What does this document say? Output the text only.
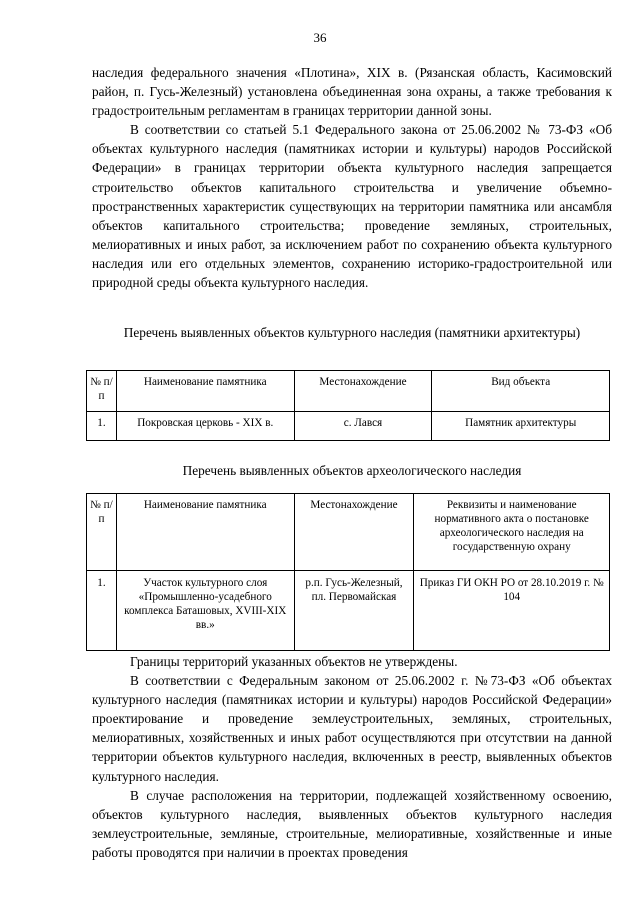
36

наследия федерального значения «Плотина», XIX в. (Рязанская область, Касимовский район, п. Гусь-Железный) установлена объединенная зона охраны, а также требования к градостроительным регламентам в границах территории данной зоны.

В соответствии со статьей 5.1 Федерального закона от 25.06.2002 № 73-ФЗ «Об объектах культурного наследия (памятниках истории и культуры) народов Российской Федерации» в границах территории объекта культурного наследия запрещается строительство объектов капитального строительства и увеличение объемно-пространственных характеристик существующих на территории памятника или ансамбля объектов капитального строительства; проведение земляных, строительных, мелиоративных и иных работ, за исключением работ по сохранению объекта культурного наследия или его отдельных элементов, сохранению историко-градостроительной или природной среды объекта культурного наследия.

Перечень выявленных объектов культурного наследия (памятники архитектуры)
№ п/п	Наименование памятника	Местонахождение	Вид объекта
1.	Покровская церковь - XIX в.	с. Лався	Памятник архитектуры
Перечень выявленных объектов археологического наследия
№ п/п	Наименование памятника	Местонахождение	Реквизиты и наименование нормативного акта о постановке археологического наследия на государственную охрану
1.	Участок культурного слоя «Промышленно-усадебного комплекса Баташовых, XVIII-XIX вв.»	р.п. Гусь-Железный, пл. Первомайская	Приказ ГИ ОКН РО от 28.10.2019 г. № 104

Границы территорий указанных объектов не утверждены.

В соответствии с Федеральным законом от 25.06.2002 г. №73-ФЗ «Об объектах культурного наследия (памятниках истории и культуры) народов Российской Федерации» проектирование и проведение землеустроительных, земляных, строительных, мелиоративных, хозяйственных и иных работ осуществляются при отсутствии на данной территории объектов культурного наследия, включенных в реестр, выявленных объектов культурного наследия.

В случае расположения на территории, подлежащей хозяйственному освоению, объектов культурного наследия, выявленных объектов культурного наследия землеустроительные, земляные, строительные, мелиоративные, хозяйственные и иные работы проводятся при наличии в проектах проведения
